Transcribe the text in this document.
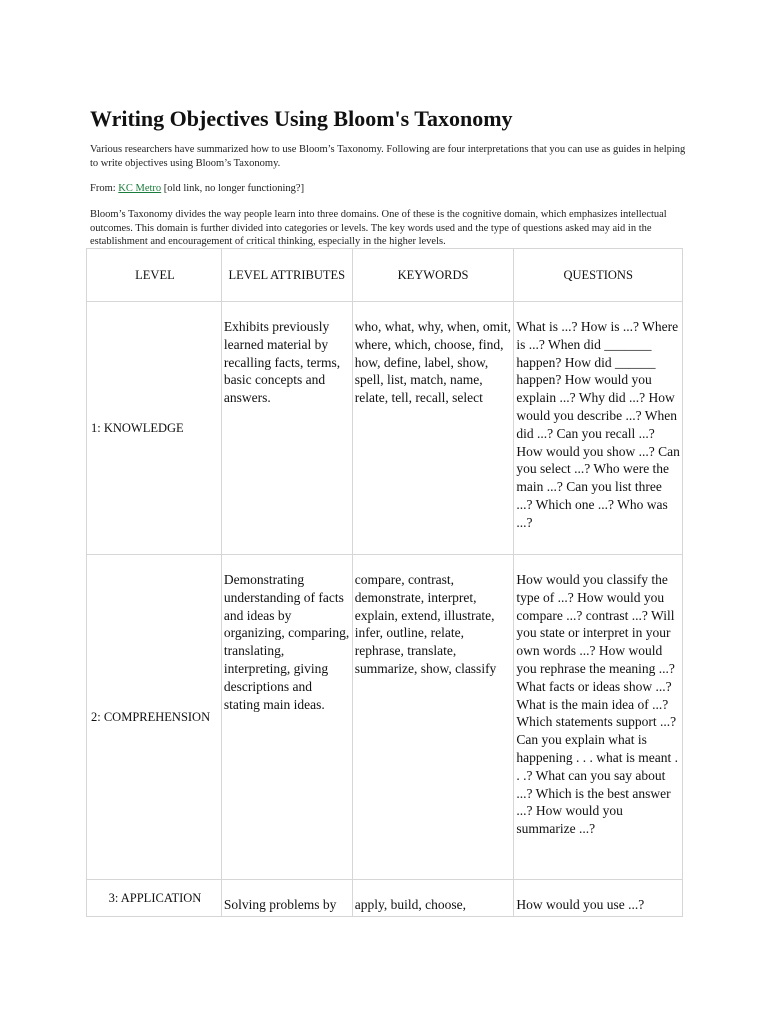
Writing Objectives Using Bloom's Taxonomy

Various researchers have summarized how to use Bloom’s Taxonomy. Following are four interpretations that you can use as guides in helping to write objectives using Bloom’s Taxonomy.

From: KC Metro [old link, no longer functioning?]

Bloom’s Taxonomy divides the way people learn into three domains. One of these is the cognitive domain, which emphasizes intellectual outcomes. This domain is further divided into categories or levels. The key words used and the type of questions asked may aid in the establishment and encouragement of critical thinking, especially in the higher levels.

LEVEL	LEVEL ATTRIBUTES	KEYWORDS	QUESTIONS
1: KNOWLEDGE	Exhibits previously learned material by recalling facts, terms, basic concepts and answers.	who, what, why, when, omit, where, which, choose, find, how, define, label, show, spell, list, match, name, relate, tell, recall, select	What is ...? How is ...? Where is ...? When did _______ happen? How did ______ happen? How would you explain ...? Why did ...? How would you describe ...? When did ...? Can you recall ...? How would you show ...? Can you select ...? Who were the main ...? Can you list three ...? Which one ...? Who was ...?
2: COMPREHENSION	Demonstrating understanding of facts and ideas by organizing, comparing, translating, interpreting, giving descriptions and stating main ideas.	compare, contrast, demonstrate, interpret, explain, extend, illustrate, infer, outline, relate, rephrase, translate, summarize, show, classify	How would you classify the type of ...? How would you compare ...? contrast ...? Will you state or interpret in your own words ...? How would you rephrase the meaning ...? What facts or ideas show ...? What is the main idea of ...? Which statements support ...? Can you explain what is happening . . . what is meant . . .? What can you say about ...? Which is the best answer ...? How would you summarize ...?
3: APPLICATION	Solving problems by	apply, build, choose,	How would you use ...?
